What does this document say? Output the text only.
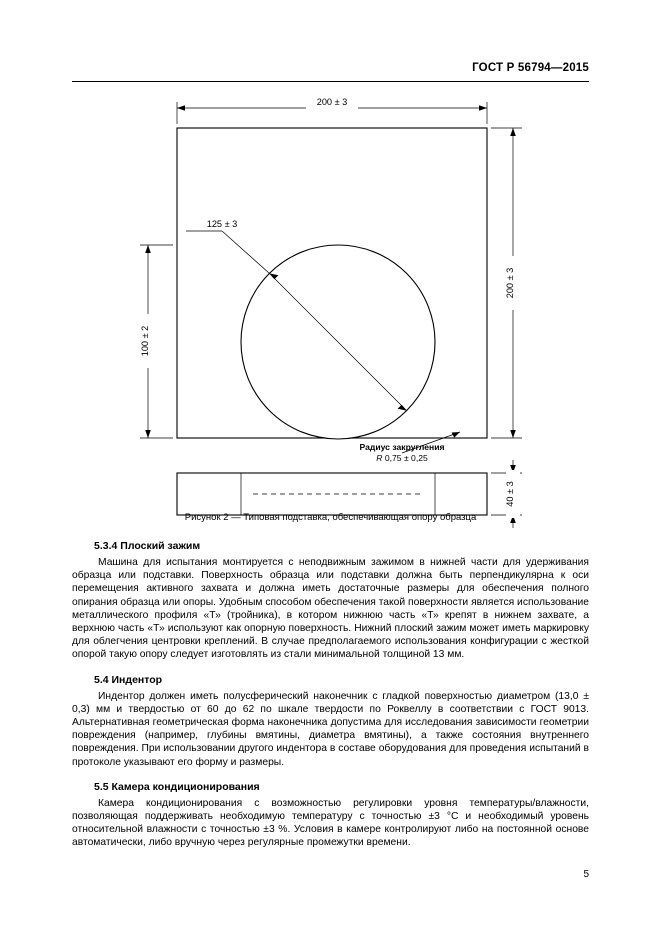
ГОСТ Р 56794—2015
200 ± 3
200 ± 3
100 ± 2
125 ± 3
Радиус закругления
R 0,75 ± 0,25
40 ± 3
Рисунок 2 — Типовая подставка, обеспечивающая опору образца
5.3.4 Плоский зажим

Машина для испытания монтируется с неподвижным зажимом в нижней части для удерживания образца или подставки. Поверхность образца или подставки должна быть перпендикулярна к оси перемещения активного захвата и должна иметь достаточные размеры для обеспечения полного опирания образца или опоры. Удобным способом обеспечения такой поверхности является использование металлического профиля «Т» (тройника), в котором нижнюю часть «Т» крепят в нижнем захвате, а верхнюю часть «Т» используют как опорную поверхность. Нижний плоский зажим может иметь маркировку для облегчения центровки креплений. В случае предполагаемого использования конфигурации с жесткой опорой такую опору следует изготовлять из стали минимальной толщиной 13 мм.

5.4 Индентор

Индентор должен иметь полусферический наконечник с гладкой поверхностью диаметром (13,0 ± 0,3) мм и твердостью от 60 до 62 по шкале твердости по Роквеллу в соответствии с ГОСТ 9013. Альтернативная геометрическая форма наконечника допустима для исследования зависимости геометрии повреждения (например, глубины вмятины, диаметра вмятины), а также состояния внутреннего повреждения. При использовании другого индентора в составе оборудования для проведения испытаний в протоколе указывают его форму и размеры.

5.5 Камера кондиционирования

Камера кондиционирования с возможностью регулировки уровня температуры/влажности, позволяющая поддерживать необходимую температуру с точностью ±3 °С и необходимый уровень относительной влажности с точностью ±3 %. Условия в камере контролируют либо на постоянной основе автоматически, либо вручную через регулярные промежутки времени.

5
